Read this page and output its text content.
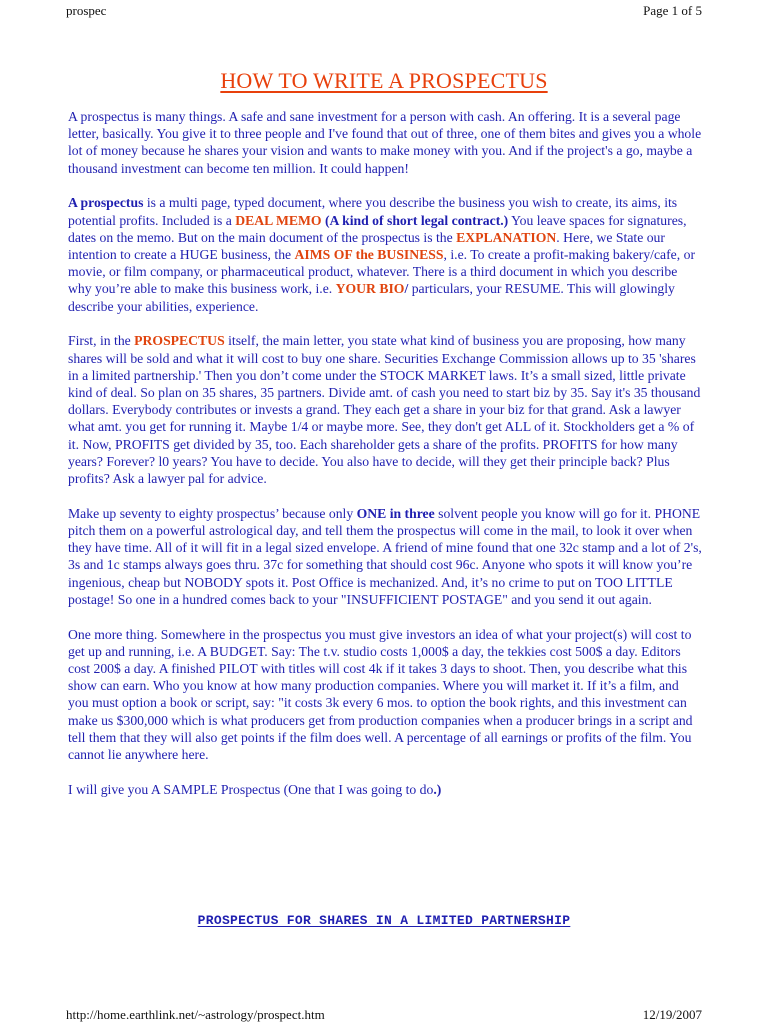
prospec	Page 1 of 5
HOW TO WRITE A PROSPECTUS

A prospectus is many things. A safe and sane investment for a person with cash. An offering. It is a several page letter, basically. You give it to three people and I've found that out of three, one of them bites and gives you a whole lot of money because he shares your vision and wants to make money with you. And if the project's a go, maybe a thousand investment can become ten million. It could happen!

A prospectus is a multi page, typed document, where you describe the business you wish to create, its aims, its potential profits. Included is a DEAL MEMO (A kind of short legal contract.) You leave spaces for signatures, dates on the memo. But on the main document of the prospectus is the EXPLANATION. Here, we State our intention to create a HUGE business, the AIMS OF the BUSINESS, i.e. To create a profit-making bakery/cafe, or movie, or film company, or pharmaceutical product, whatever. There is a third document in which you describe why you’re able to make this business work, i.e. YOUR BIO/ particulars, your RESUME. This will glowingly describe your abilities, experience.

First, in the PROSPECTUS itself, the main letter, you state what kind of business you are proposing, how many shares will be sold and what it will cost to buy one share. Securities Exchange Commission allows up to 35 'shares in a limited partnership.' Then you don’t come under the STOCK MARKET laws. It’s a small sized, little private kind of deal. So plan on 35 shares, 35 partners. Divide amt. of cash you need to start biz by 35. Say it's 35 thousand dollars. Everybody contributes or invests a grand. They each get a share in your biz for that grand. Ask a lawyer what amt. you get for running it. Maybe 1/4 or maybe more. See, they don't get ALL of it. Stockholders get a % of it. Now, PROFITS get divided by 35, too. Each shareholder gets a share of the profits. PROFITS for how many years? Forever? l0 years? You have to decide. You also have to decide, will they get their principle back? Plus profits? Ask a lawyer pal for advice.

Make up seventy to eighty prospectus’ because only ONE in three solvent people you know will go for it. PHONE pitch them on a powerful astrological day, and tell them the prospectus will come in the mail, to look it over when they have time. All of it will fit in a legal sized envelope. A friend of mine found that one 32c stamp and a lot of 2's, 3s and 1c stamps always goes thru. 37c for something that should cost 96c. Anyone who spots it will know you’re ingenious, cheap but NOBODY spots it. Post Office is mechanized. And, it’s no crime to put on TOO LITTLE postage! So one in a hundred comes back to your "INSUFFICIENT POSTAGE" and you send it out again.

One more thing. Somewhere in the prospectus you must give investors an idea of what your project(s) will cost to get up and running, i.e. A BUDGET. Say: The t.v. studio costs 1,000$ a day, the tekkies cost 500$ a day. Editors cost 200$ a day. A finished PILOT with titles will cost 4k if it takes 3 days to shoot. Then, you describe what this show can earn. Who you know at how many production companies. Where you will market it. If it’s a film, and you must option a book or script, say: "it costs 3k every 6 mos. to option the book rights, and this investment can make us $300,000 which is what producers get from production companies when a producer brings in a script and tell them that they will also get points if the film does well. A percentage of all earnings or profits of the film. You cannot lie anywhere here.

I will give you A SAMPLE Prospectus (One that I was going to do.)

PROSPECTUS FOR SHARES IN A LIMITED PARTNERSHIP
http://home.earthlink.net/~astrology/prospect.htm	12/19/2007
